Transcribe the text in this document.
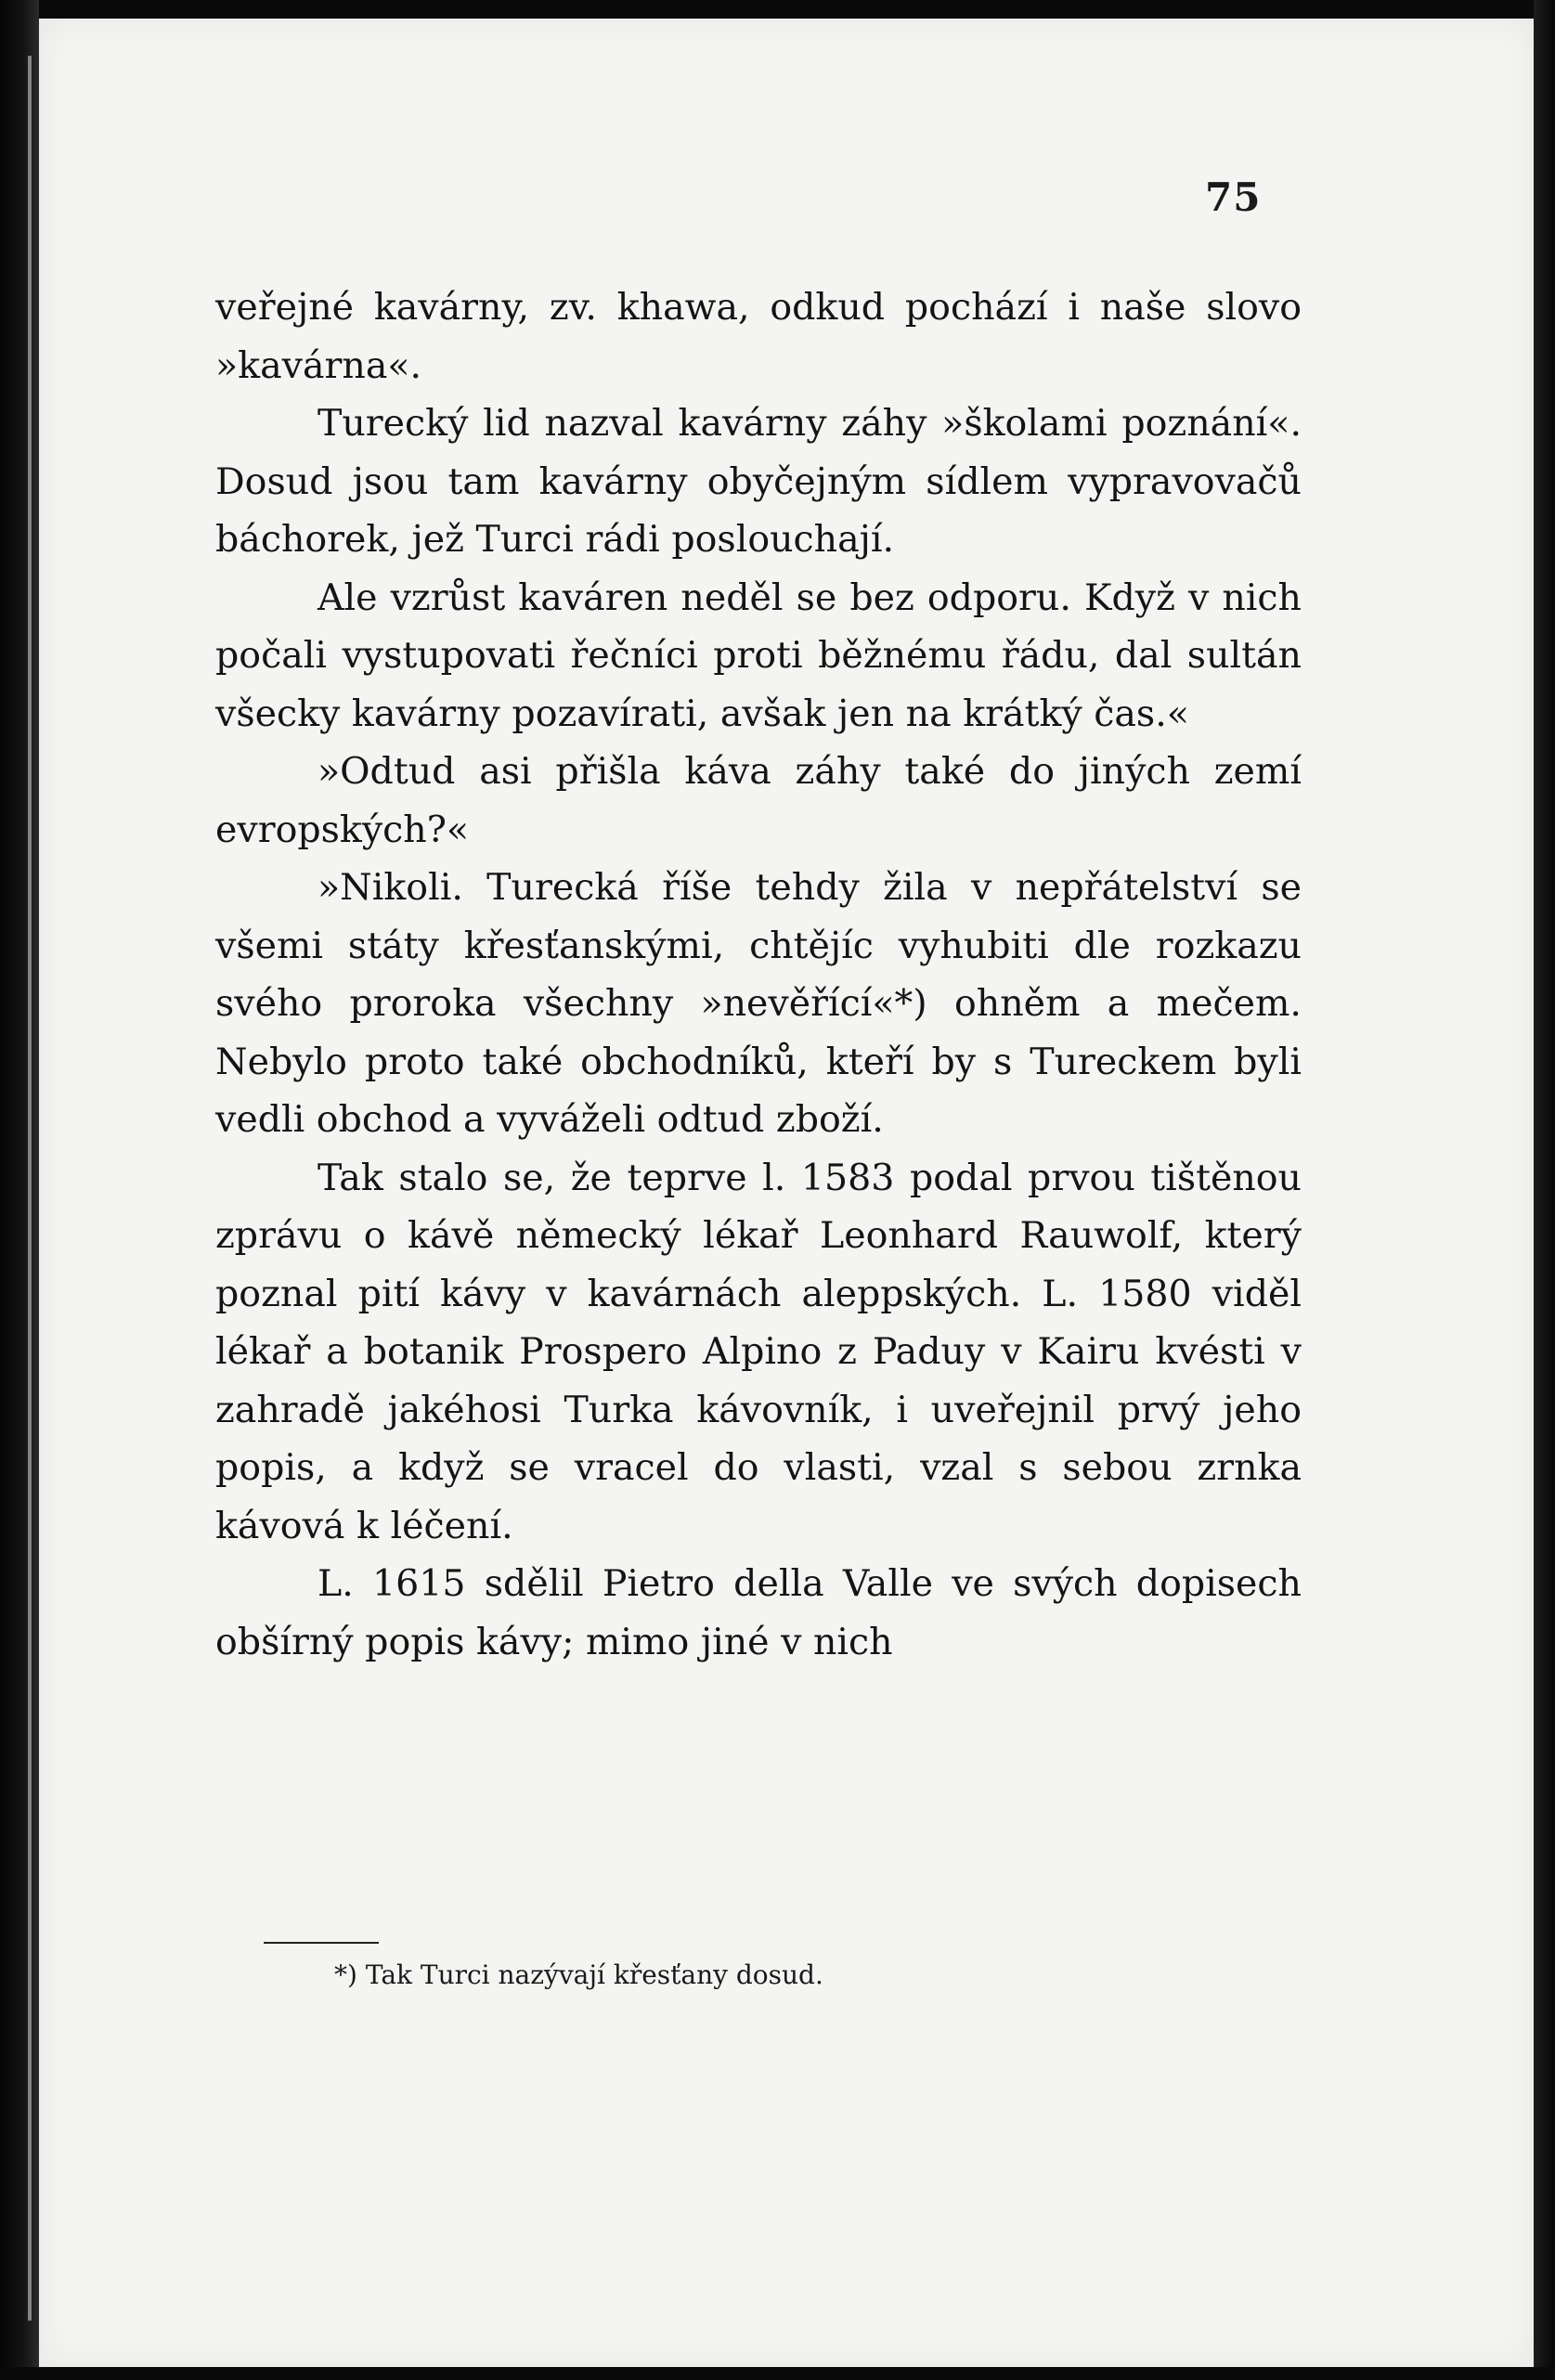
75

veřejné kavárny, zv. khawa, odkud pochází i naše slovo »kavárna«.

Turecký lid nazval kavárny záhy »školami poznání«. Dosud jsou tam kavárny obyčejným sídlem vypravovačů báchorek, jež Turci rádi poslouchají.

Ale vzrůst kaváren neděl se bez odporu. Když v nich počali vystupovati řečníci proti běžnému řádu, dal sultán všecky kavárny pozavírati, avšak jen na krátký čas.«

»Odtud asi přišla káva záhy také do jiných zemí evropských?«

»Nikoli. Turecká říše tehdy žila v nepřátelství se všemi státy křesťanskými, chtějíc vyhubiti dle rozkazu svého proroka všechny »nevěřící«*) ohněm a mečem. Nebylo proto také obchodníků, kteří by s Tureckem byli vedli obchod a vyváželi odtud zboží.

Tak stalo se, že teprve l. 1583 podal prvou tištěnou zprávu o kávě německý lékař Leonhard Rauwolf, který poznal pití kávy v kavárnách aleppských. L. 1580 viděl lékař a botanik Prospero Alpino z Paduy v Kairu kvésti v zahradě jakéhosi Turka kávovník, i uveřejnil prvý jeho popis, a když se vracel do vlasti, vzal s sebou zrnka kávová k léčení.

L. 1615 sdělil Pietro della Valle ve svých dopisech obšírný popis kávy; mimo jiné v nich

*) Tak Turci nazývají křesťany dosud.
